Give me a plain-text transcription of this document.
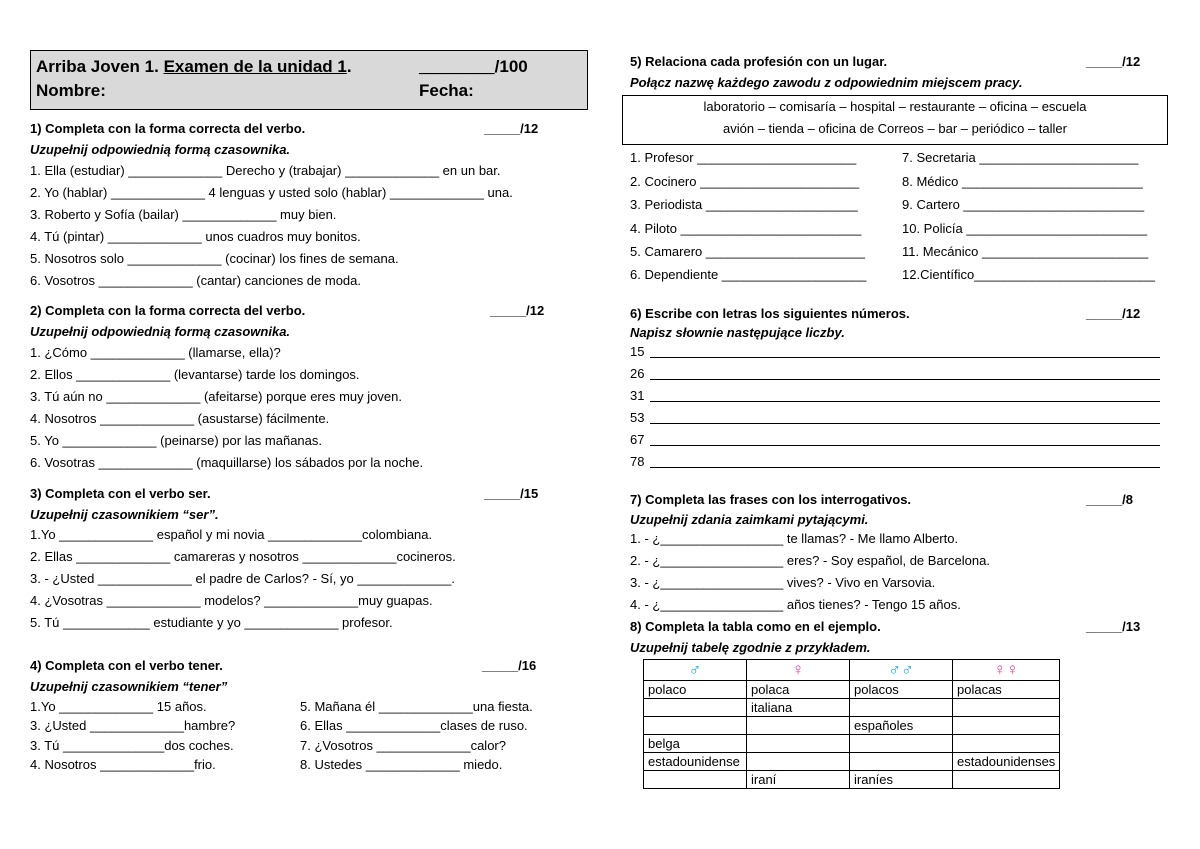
Arriba Joven 1. Examen de la unidad 1.	________/100
Nombre:	Fecha:
1) Completa con la forma correcta del verbo.	_____/12
Uzupełnij odpowiednią formą czasownika.
1. Ella (estudiar) _____________ Derecho y (trabajar) _____________ en un bar.
2. Yo (hablar) _____________ 4 lenguas y usted solo (hablar) _____________ una.
3. Roberto y Sofía (bailar) _____________ muy bien.
4. Tú (pintar) _____________ unos cuadros muy bonitos.
5. Nosotros solo _____________ (cocinar) los fines de semana.
6. Vosotros _____________ (cantar) canciones de moda.
2) Completa con la forma correcta del verbo.	_____/12
Uzupełnij odpowiednią formą czasownika.
1. ¿Cómo _____________ (llamarse, ella)?
2. Ellos _____________ (levantarse) tarde los domingos.
3. Tú aún no _____________ (afeitarse) porque eres muy joven.
4. Nosotros _____________ (asustarse) fácilmente.
5. Yo _____________ (peinarse) por las mañanas.
6. Vosotras _____________ (maquillarse) los sábados por la noche.
3) Completa con el verbo ser.	_____/15
Uzupełnij czasownikiem “ser”.
1.Yo _____________ español y mi novia _____________colombiana.
2. Ellas _____________ camareras y nosotros _____________cocineros.
3. - ¿Usted _____________ el padre de Carlos? - Sí, yo _____________.
4. ¿Vosotras _____________ modelos? _____________muy guapas.
5. Tú ____________ estudiante y yo _____________ profesor.
4) Completa con el verbo tener.	_____/16
Uzupełnij czasownikiem “tener”
1.Yo _____________ 15 años.
3. ¿Usted _____________hambre?
3. Tú ______________dos coches.
4. Nosotros _____________frio.
5. Mañana él _____________una fiesta.
6. Ellas _____________clases de ruso.
7. ¿Vosotros _____________calor?
8. Ustedes _____________ miedo.
5) Relaciona cada profesión con un lugar.	_____/12
Połącz nazwę każdego zawodu z odpowiednim miejscem pracy.
laboratorio – comisaría – hospital – restaurante – oficina – escuela
avión – tienda – oficina de Correos – bar – periódico – taller
1. Profesor ______________________
2. Cocinero ______________________
3. Periodista _____________________
4. Piloto _________________________
5. Camarero ______________________
6. Dependiente ____________________
7. Secretaria ______________________
8. Médico _________________________
9. Cartero _________________________
10. Policía _________________________
11. Mecánico _______________________
12.Científico_________________________
6) Escribe con letras los siguientes números.	_____/12
Napisz słownie następujące liczby.
15
26
31
53
67
78
7) Completa las frases con los interrogativos.	_____/8
Uzupełnij zdania zaimkami pytającymi.
1. - ¿_________________ te llamas? - Me llamo Alberto.
2. - ¿_________________ eres? - Soy español, de Barcelona.
3. - ¿_________________ vives? - Vivo en Varsovia.
4. - ¿_________________ años tienes? - Tengo 15 años.
8) Completa la tabla como en el ejemplo.	_____/13
Uzupełnij tabelę zgodnie z przykładem.
♂	♀	♂♂	♀♀
polaco	polaca	polacos	polacas
	italiana		
		españoles	
belga			
estadounidense			estadounidenses
	iraní	iraníes	
